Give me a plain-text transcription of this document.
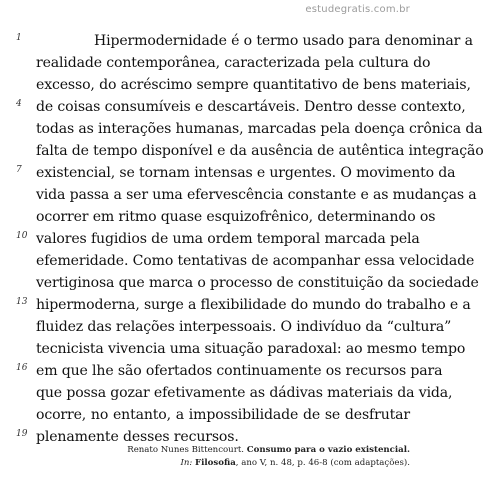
estudegratis.com.br
1	Hipermodernidade é o termo usado para denominar a
realidade contemporânea, caracterizada pela cultura do
excesso, do acréscimo sempre quantitativo de bens materiais,
4	de coisas consumíveis e descartáveis. Dentro desse contexto,
todas as interações humanas, marcadas pela doença crônica da
falta de tempo disponível e da ausência de autêntica integração
7	existencial, se tornam intensas e urgentes. O movimento da
vida passa a ser uma efervescência constante e as mudanças a
ocorrer em ritmo quase esquizofrênico, determinando os
10 valores fugidios de uma ordem temporal marcada pela
efemeridade. Como tentativas de acompanhar essa velocidade
vertiginosa que marca o processo de constituição da sociedade
13 hipermoderna, surge a flexibilidade do mundo do trabalho e a
fluidez das relações interpessoais. O indivíduo da “cultura”
tecnicista vivencia uma situação paradoxal: ao mesmo tempo
16 em que lhe são ofertados continuamente os recursos para
que possa gozar efetivamente as dádivas materiais da vida,
ocorre, no entanto, a impossibilidade de se desfrutar
19 plenamente desses recursos.
Renato Nunes Bittencourt. Consumo para o vazio existencial.
In: Filosofia, ano V, n. 48, p. 46-8 (com adaptações).
